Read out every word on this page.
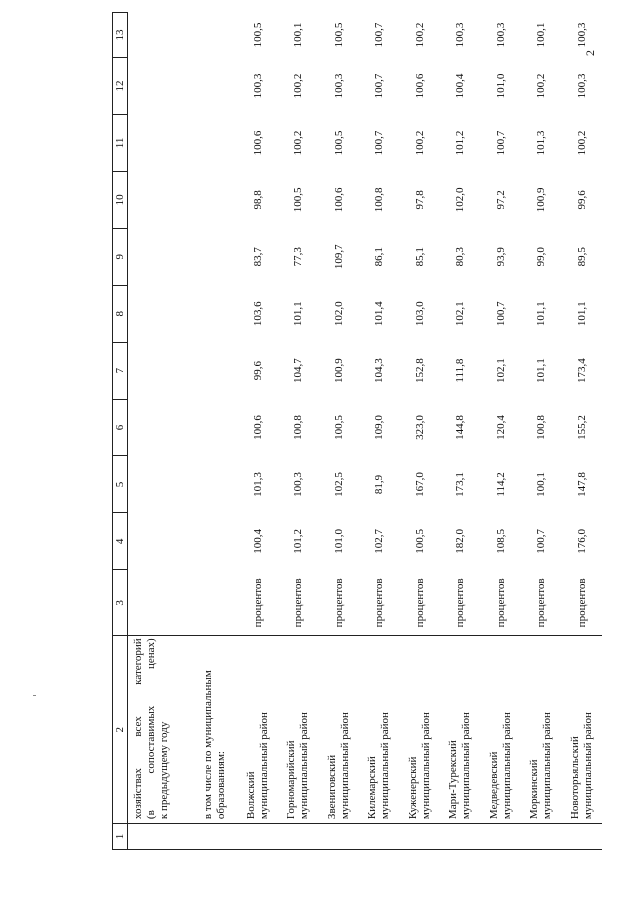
2
1	2	3	4	5	6	7	8	9	10	11	12	13

	хозяйствах всех категорий (в сопоставимых ценах) к предыдущему году											

	в том числе по муниципальным образованиям:											

	Волжский муниципальный район	процентов	100,4	101,3	100,6	99,6	103,6	83,7	98,8	100,6	100,3	100,5

	Горномарийский муниципальный район	процентов	101,2	100,3	100,8	104,7	101,1	77,3	100,5	100,2	100,2	100,1

	Звениговский муниципальный район	процентов	101,0	102,5	100,5	100,9	102,0	109,7	100,6	100,5	100,3	100,5

	Килемарский муниципальный район	процентов	102,7	81,9	109,0	104,3	101,4	86,1	100,8	100,7	100,7	100,7

	Куженерский муниципальный район	процентов	100,5	167,0	323,0	152,8	103,0	85,1	97,8	100,2	100,6	100,2

	Мари-Турекский муниципальный район	процентов	182,0	173,1	144,8	111,8	102,1	80,3	102,0	101,2	100,4	100,3

	Медведевский муниципальный район	процентов	108,5	114,2	120,4	102,1	100,7	93,9	97,2	100,7	101,0	100,3

	Моркинский муниципальный район	процентов	100,7	100,1	100,8	101,1	101,1	99,0	100,9	101,3	100,2	100,1

	Новоторъяльский муниципальный район	процентов	176,0	147,8	155,2	173,4	101,1	89,5	99,6	100,2	100,3	100,3
